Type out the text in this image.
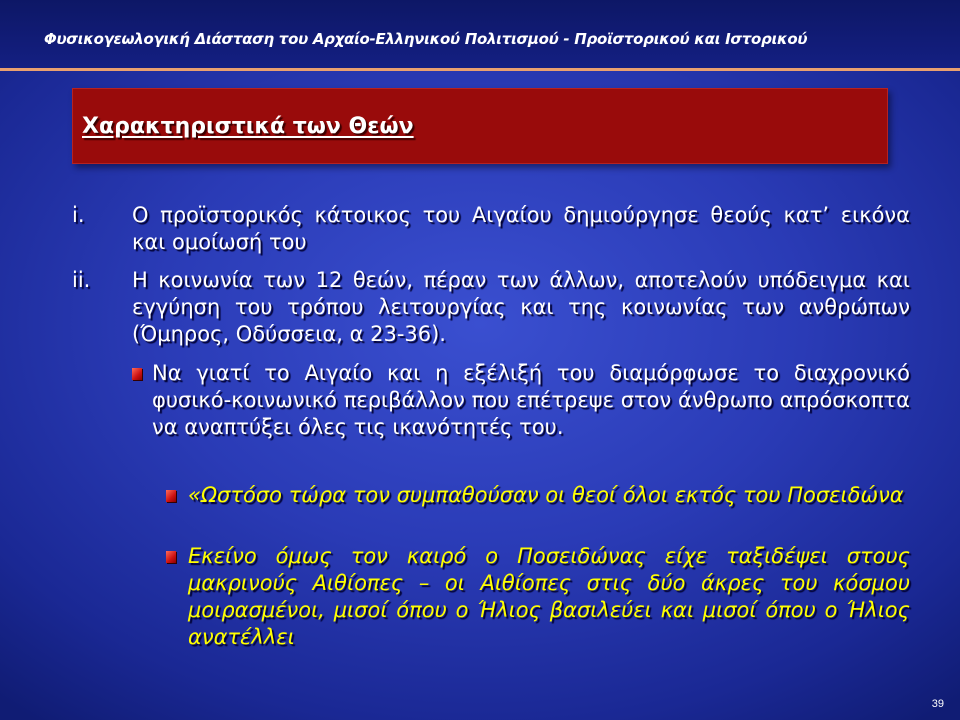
Φυσικογεωλογική Διάσταση του Αρχαίο-Ελληνικού Πολιτισμού - Προϊστορικού και Ιστορικού
Χαρακτηριστικά των Θεών
i. Ο προϊστορικός κάτοικος του Αιγαίου δημιούργησε θεούς κατ’ εικόνα και ομοίωσή του
ii. Η κοινωνία των 12 θεών, πέραν των άλλων, αποτελούν υπόδειγμα και εγγύηση του τρόπου λειτουργίας και της κοινωνίας των ανθρώπων (Όμηρος, Οδύσσεια, α 23-36).
Να γιατί το Αιγαίο και η εξέλιξή του διαμόρφωσε το διαχρονικό φυσικό-κοινωνικό περιβάλλον που επέτρεψε στον άνθρωπο απρόσκοπτα να αναπτύξει όλες τις ικανότητές του.
«Ωστόσο τώρα τον συμπαθούσαν οι θεοί όλοι εκτός του Ποσειδώνα
Εκείνο όμως τον καιρό ο Ποσειδώνας είχε ταξιδέψει στους μακρινούς Αιθίοπες – οι Αιθίοπες στις δύο άκρες του κόσμου μοιρασμένοι, μισοί όπου ο Ήλιος βασιλεύει και μισοί όπου ο Ήλιος ανατέλλει
39
